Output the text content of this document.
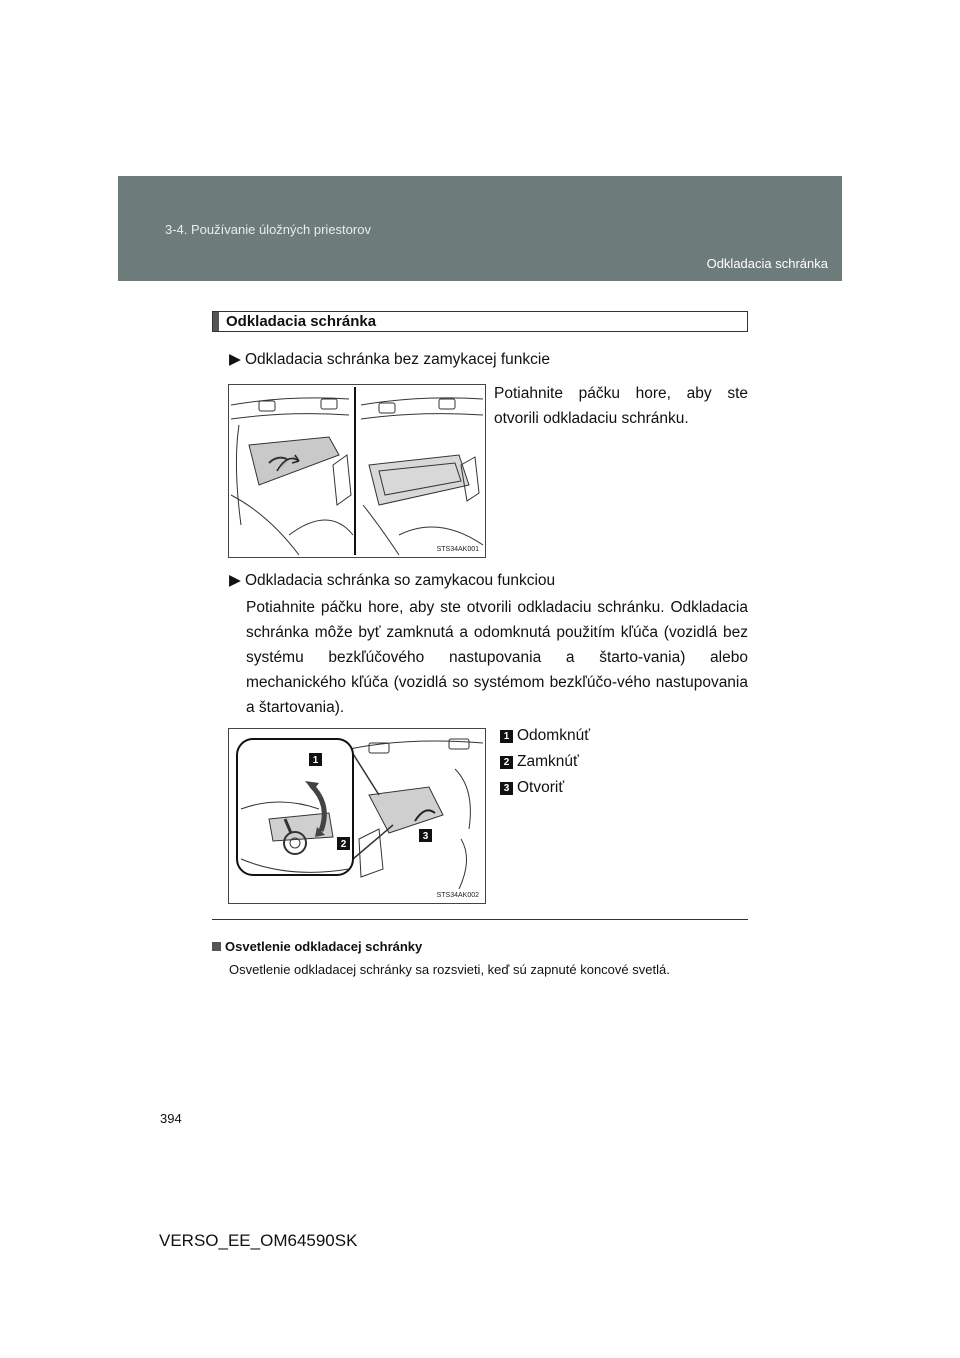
3-4. Používanie úložných priestorov
Odkladacia schránka
Odkladacia schránka
▶ Odkladacia schránka bez zamykacej funkcie
STS34AK001
Potiahnite páčku hore, aby ste otvorili odkladaciu schránku.
▶ Odkladacia schránka so zamykacou funkciou
Potiahnite páčku hore, aby ste otvorili odkladaciu schránku. Odkladacia schránka môže byť zamknutá a odomknutá použitím kľúča (vozidlá bez systému bezkľúčového nastupovania a štarto-vania) alebo mechanického kľúča (vozidlá so systémom bezkľúčo-vého nastupovania a štartovania).
1
2
3
STS34AK002
1 Odomknúť
2 Zamknúť
3 Otvoriť
Osvetlenie odkladacej schránky
Osvetlenie odkladacej schránky sa rozsvieti, keď sú zapnuté koncové svetlá.
394
VERSO_EE_OM64590SK
